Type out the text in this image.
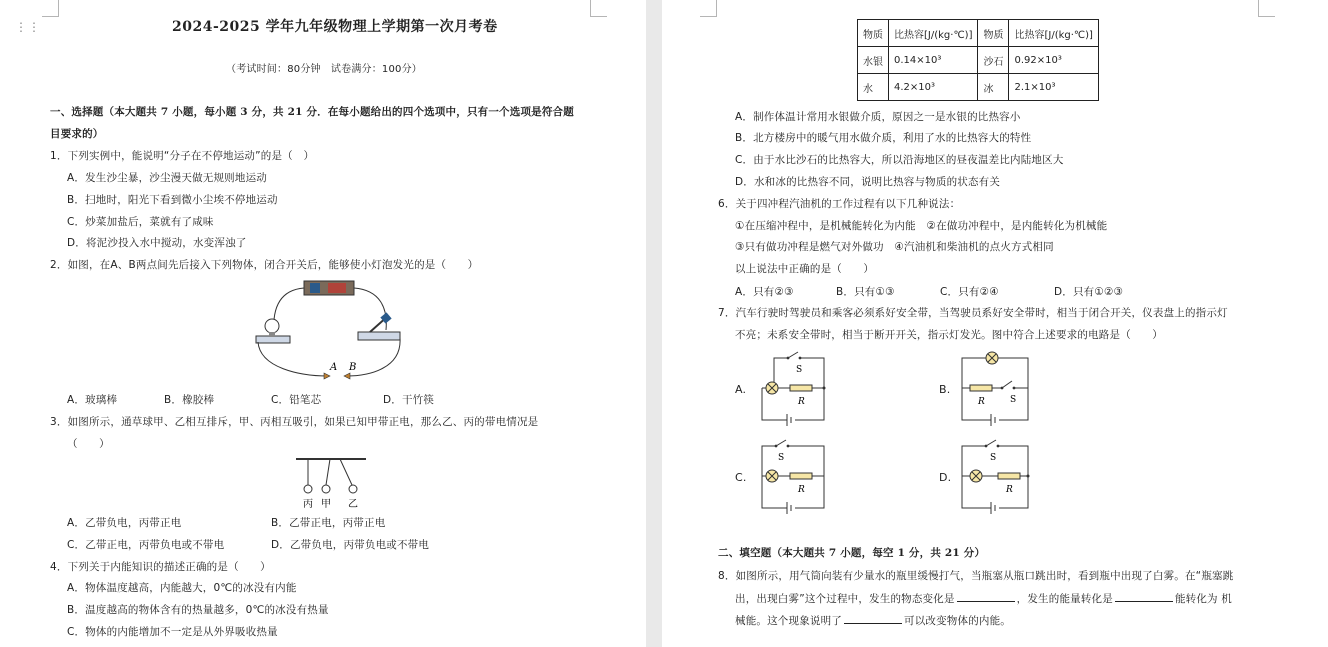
⋮⋮	2024-2025 学年九年级物理上学期第一次月考卷
（考试时间：80分钟　试卷满分：100分）
一、选择题（本大题共 7 小题，每小题 3 分，共 21 分．在每小题给出的四个选项中，只有一个选项是符合题
目要求的）
1．下列实例中，能说明“分子在不停地运动”的是（　）
A．发生沙尘暴，沙尘漫天做无规则地运动
B．扫地时，阳光下看到微小尘埃不停地运动
C．炒菜加盐后，菜就有了咸味
D．将泥沙投入水中搅动，水变浑浊了
2．如图，在A、B两点间先后接入下列物体，闭合开关后，能够使小灯泡发光的是（　　）
A B
A．玻璃棒	B．橡胶棒	C．铅笔芯	D．干竹筷
3．如图所示，通草球甲、乙相互排斥，甲、丙相互吸引，如果已知甲带正电，那么乙、丙的带电情况是
（　　）
丙 甲 乙
A．乙带负电，丙带正电	B．乙带正电，丙带正电
C．乙带正电，丙带负电或不带电	D．乙带负电，丙带负电或不带电
4．下列关于内能知识的描述正确的是（　　）
A．物体温度越高，内能越大，0℃的冰没有内能
B．温度越高的物体含有的热量越多，0℃的冰没有热量
C．物体的内能增加不一定是从外界吸收热量
物质	比热容[J/(kg·℃)]	物质	比热容[J/(kg·℃)]
水银	0.14×10³	沙石	0.92×10³
水	4.2×10³	冰	2.1×10³
A．制作体温计常用水银做介质，原因之一是水银的比热容小
B．北方楼房中的暖气用水做介质，利用了水的比热容大的特性
C．由于水比沙石的比热容大，所以沿海地区的昼夜温差比内陆地区大
D．水和冰的比热容不同，说明比热容与物质的状态有关
6．关于四冲程汽油机的工作过程有以下几种说法：
①在压缩冲程中，是机械能转化为内能　②在做功冲程中，是内能转化为机械能
③只有做功冲程是燃气对外做功　④汽油机和柴油机的点火方式相同
以上说法中正确的是（　　）
A．只有②③	B．只有①③	C．只有②④	D．只有①②③
7．汽车行驶时驾驶员和乘客必须系好安全带，当驾驶员系好安全带时，相当于闭合开关，仪表盘上的指示灯
不亮；未系安全带时，相当于断开开关，指示灯发光。图中符合上述要求的电路是（　　）
A.
S
R
B.
R	S
C.
S
R
D.
S
R
二、填空题（本大题共 7 小题，每空 1 分，共 21 分）
8．如图所示，用气筒向装有少量水的瓶里缓慢打气，当瓶塞从瓶口跳出时，看到瓶中出现了白雾。在“瓶塞跳
出，出现白雾”这个过程中，发生的物态变化是	，发生的能量转化是	能转化为 机
械能。这个现象说明了	可以改变物体的内能。
